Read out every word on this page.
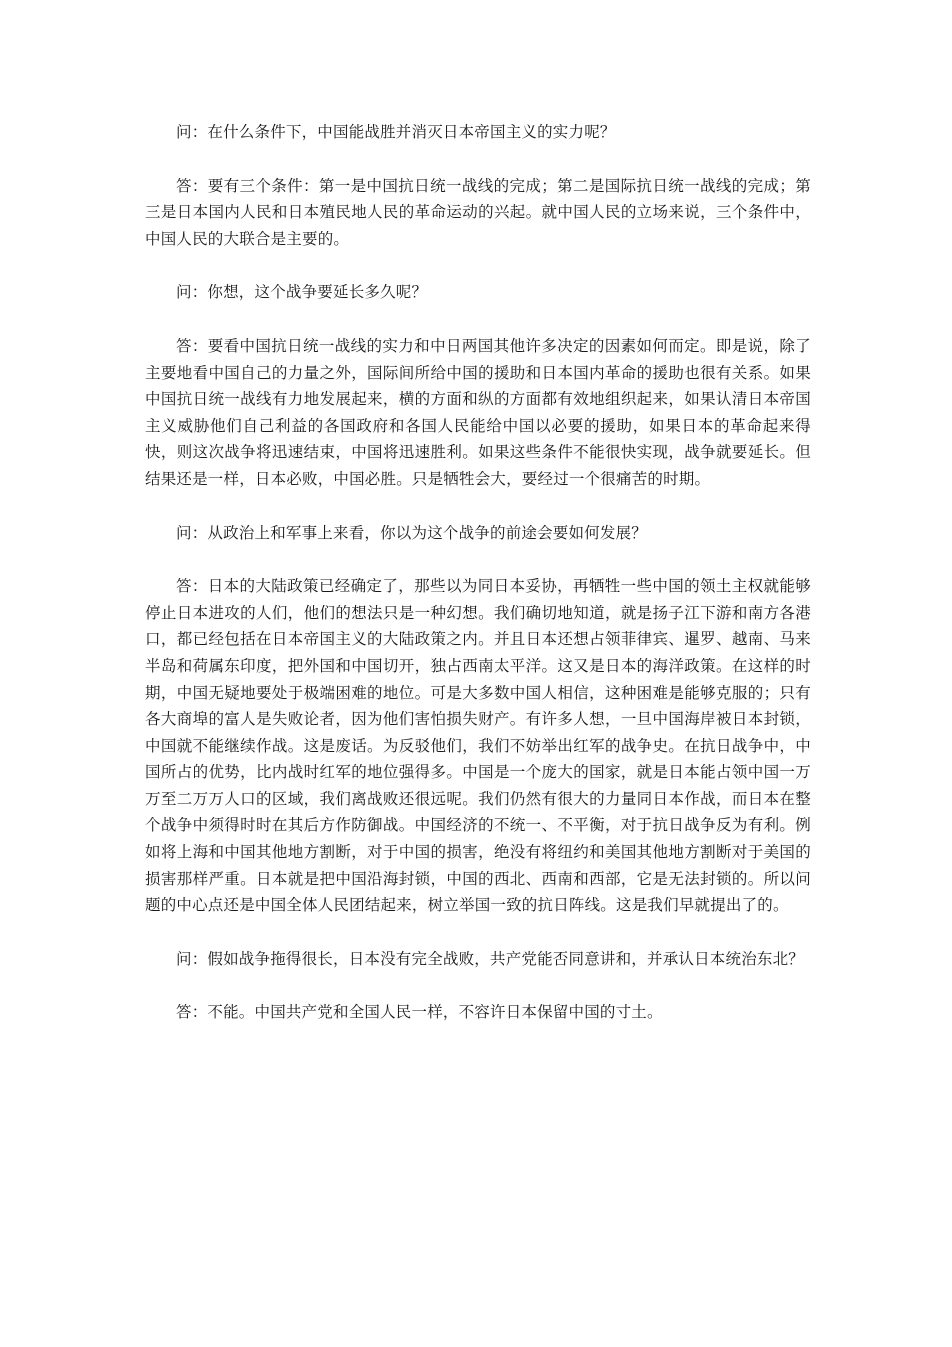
问：在什么条件下，中国能战胜并消灭日本帝国主义的实力呢？

答：要有三个条件：第一是中国抗日统一战线的完成；第二是国际抗日统一战线的完成；第三是日本国内人民和日本殖民地人民的革命运动的兴起。就中国人民的立场来说，三个条件中，中国人民的大联合是主要的。

问：你想，这个战争要延长多久呢？

答：要看中国抗日统一战线的实力和中日两国其他许多决定的因素如何而定。即是说，除了主要地看中国自己的力量之外，国际间所给中国的援助和日本国内革命的援助也很有关系。如果中国抗日统一战线有力地发展起来，横的方面和纵的方面都有效地组织起来，如果认清日本帝国主义威胁他们自己利益的各国政府和各国人民能给中国以必要的援助，如果日本的革命起来得快，则这次战争将迅速结束，中国将迅速胜利。如果这些条件不能很快实现，战争就要延长。但结果还是一样，日本必败，中国必胜。只是牺牲会大，要经过一个很痛苦的时期。

问：从政治上和军事上来看，你以为这个战争的前途会要如何发展？

答：日本的大陆政策已经确定了，那些以为同日本妥协，再牺牲一些中国的领土主权就能够停止日本进攻的人们，他们的想法只是一种幻想。我们确切地知道，就是扬子江下游和南方各港口，都已经包括在日本帝国主义的大陆政策之内。并且日本还想占领菲律宾、暹罗、越南、马来半岛和荷属东印度，把外国和中国切开，独占西南太平洋。这又是日本的海洋政策。在这样的时期，中国无疑地要处于极端困难的地位。可是大多数中国人相信，这种困难是能够克服的；只有各大商埠的富人是失败论者，因为他们害怕损失财产。有许多人想，一旦中国海岸被日本封锁，中国就不能继续作战。这是废话。为反驳他们，我们不妨举出红军的战争史。在抗日战争中，中国所占的优势，比内战时红军的地位强得多。中国是一个庞大的国家，就是日本能占领中国一万万至二万万人口的区域，我们离战败还很远呢。我们仍然有很大的力量同日本作战，而日本在整个战争中须得时时在其后方作防御战。中国经济的不统一、不平衡，对于抗日战争反为有利。例如将上海和中国其他地方割断，对于中国的损害，绝没有将纽约和美国其他地方割断对于美国的损害那样严重。日本就是把中国沿海封锁，中国的西北、西南和西部，它是无法封锁的。所以问题的中心点还是中国全体人民团结起来，树立举国一致的抗日阵线。这是我们早就提出了的。

问：假如战争拖得很长，日本没有完全战败，共产党能否同意讲和，并承认日本统治东北？

答：不能。中国共产党和全国人民一样，不容许日本保留中国的寸土。
